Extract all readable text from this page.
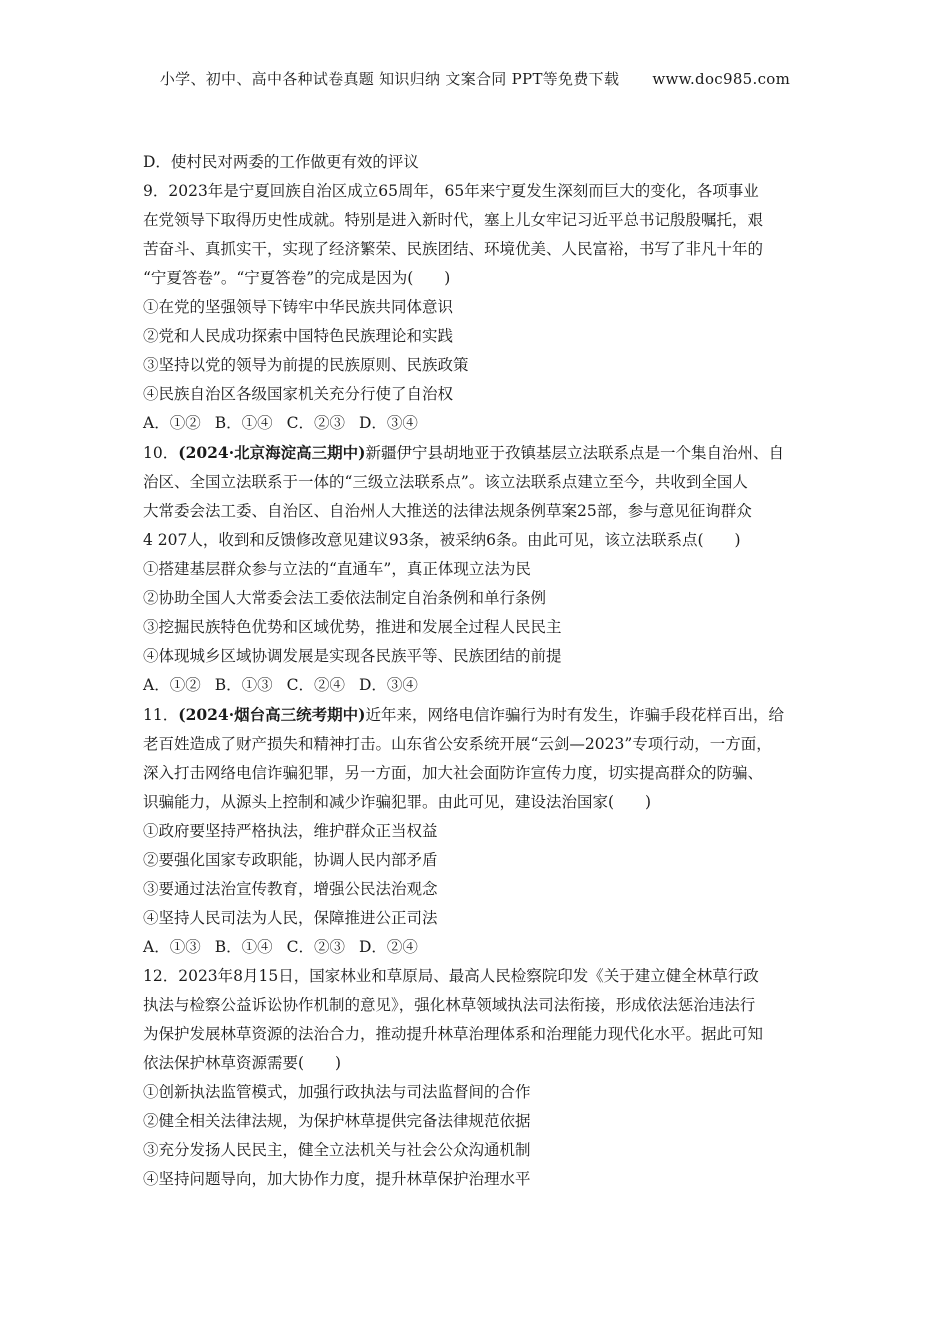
小学、初中、高中各种试卷真题 知识归纳 文案合同 PPT等免费下载 www.doc985.com

D．使村民对两委的工作做更有效的评议

9．2023年是宁夏回族自治区成立65周年，65年来宁夏发生深刻而巨大的变化，各项事业

在党领导下取得历史性成就。特别是进入新时代，塞上儿女牢记习近平总书记殷殷嘱托，艰

苦奋斗、真抓实干，实现了经济繁荣、民族团结、环境优美、人民富裕，书写了非凡十年的

“宁夏答卷”。“宁夏答卷”的完成是因为(　　)

①在党的坚强领导下铸牢中华民族共同体意识

②党和人民成功探索中国特色民族理论和实践

③坚持以党的领导为前提的民族原则、民族政策

④民族自治区各级国家机关充分行使了自治权

A．①② B．①④ C．②③ D．③④

10．(2024·北京海淀高三期中)新疆伊宁县胡地亚于孜镇基层立法联系点是一个集自治州、自

治区、全国立法联系于一体的“三级立法联系点”。该立法联系点建立至今，共收到全国人

大常委会法工委、自治区、自治州人大推送的法律法规条例草案25部，参与意见征询群众

4 207人，收到和反馈修改意见建议93条，被采纳6条。由此可见，该立法联系点(　　)

①搭建基层群众参与立法的“直通车”，真正体现立法为民

②协助全国人大常委会法工委依法制定自治条例和单行条例

③挖掘民族特色优势和区域优势，推进和发展全过程人民民主

④体现城乡区域协调发展是实现各民族平等、民族团结的前提

A．①② B．①③ C．②④ D．③④

11．(2024·烟台高三统考期中)近年来，网络电信诈骗行为时有发生，诈骗手段花样百出，给

老百姓造成了财产损失和精神打击。山东省公安系统开展“云剑—2023”专项行动，一方面，

深入打击网络电信诈骗犯罪，另一方面，加大社会面防诈宣传力度，切实提高群众的防骗、

识骗能力，从源头上控制和减少诈骗犯罪。由此可见，建设法治国家(　　)

①政府要坚持严格执法，维护群众正当权益

②要强化国家专政职能，协调人民内部矛盾

③要通过法治宣传教育，增强公民法治观念

④坚持人民司法为人民，保障推进公正司法

A．①③ B．①④ C．②③ D．②④

12．2023年8月15日，国家林业和草原局、最高人民检察院印发《关于建立健全林草行政

执法与检察公益诉讼协作机制的意见》，强化林草领域执法司法衔接，形成依法惩治违法行

为保护发展林草资源的法治合力，推动提升林草治理体系和治理能力现代化水平。据此可知

依法保护林草资源需要(　　)

①创新执法监管模式，加强行政执法与司法监督间的合作

②健全相关法律法规，为保护林草提供完备法律规范依据

③充分发扬人民民主，健全立法机关与社会公众沟通机制

④坚持问题导向，加大协作力度，提升林草保护治理水平
